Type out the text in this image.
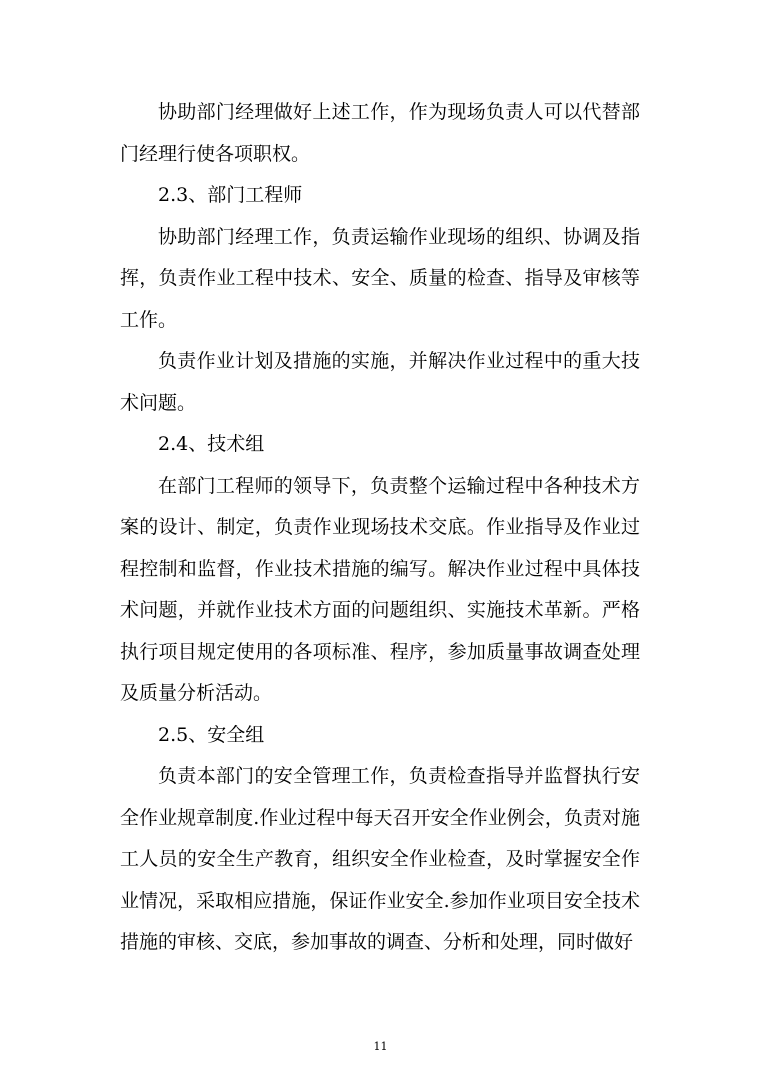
协助部门经理做好上述工作，作为现场负责人可以代替部门经理行使各项职权。

2.3、部门工程师

协助部门经理工作，负责运输作业现场的组织、协调及指挥，负责作业工程中技术、安全、质量的检查、指导及审核等工作。

负责作业计划及措施的实施，并解决作业过程中的重大技术问题。

2.4、技术组

在部门工程师的领导下，负责整个运输过程中各种技术方案的设计、制定，负责作业现场技术交底。作业指导及作业过程控制和监督，作业技术措施的编写。解决作业过程中具体技术问题，并就作业技术方面的问题组织、实施技术革新。严格执行项目规定使用的各项标准、程序，参加质量事故调查处理及质量分析活动。

2.5、安全组

负责本部门的安全管理工作，负责检查指导并监督执行安全作业规章制度.作业过程中每天召开安全作业例会，负责对施工人员的安全生产教育，组织安全作业检查，及时掌握安全作业情况，采取相应措施，保证作业安全.参加作业项目安全技术措施的审核、交底，参加事故的调查、分析和处理，同时做好

11
